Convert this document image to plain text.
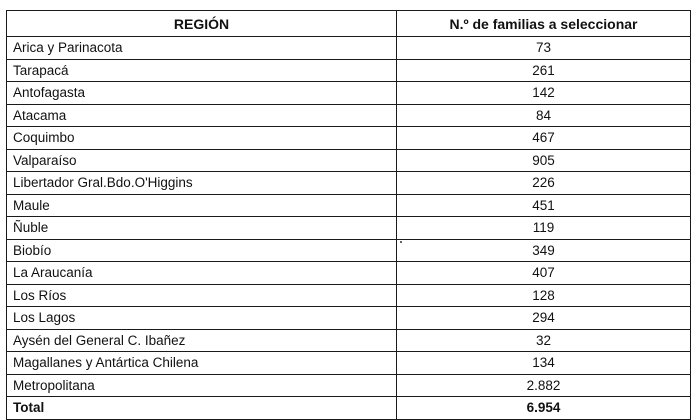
REGIÓN	N.º de familias a seleccionar
Arica y Parinacota	73
Tarapacá	261
Antofagasta	142
Atacama	84
Coquimbo	467
Valparaíso	905
Libertador Gral.Bdo.O'Higgins	226
Maule	451
Ñuble	119
Biobío	349
La Araucanía	407
Los Ríos	128
Los Lagos	294
Aysén del General C. Ibañez	32
Magallanes y Antártica Chilena	134
Metropolitana	2.882
Total	6.954
